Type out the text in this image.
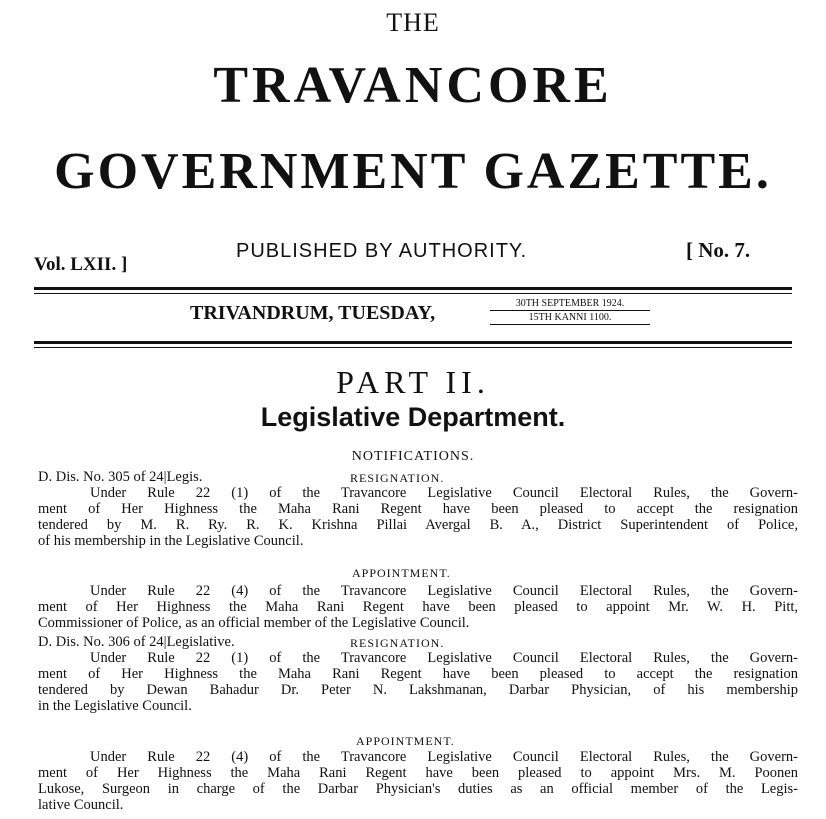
THE
TRAVANCORE
GOVERNMENT GAZETTE.
Vol. LXII. ]
PUBLISHED BY AUTHORITY.	[ No. 7.
TRIVANDRUM, TUESDAY,	30TH SEPTEMBER 1924.
15TH KANNI 1100.
PART II.
Legislative Department.
NOTIFICATIONS.
D. Dis. No. 305 of 24|Legis.	RESIGNATION.
Under Rule 22 (1) of the Travancore Legislative Council Electoral Rules, the Govern-
ment of Her Highness the Maha Rani Regent have been pleased to accept the resignation
tendered by M. R. Ry. R. K. Krishna Pillai Avergal B. A., District Superintendent of Police,
of his membership in the Legislative Council.
APPOINTMENT.
Under Rule 22 (4) of the Travancore Legislative Council Electoral Rules, the Govern-
ment of Her Highness the Maha Rani Regent have been pleased to appoint Mr. W. H. Pitt,
Commissioner of Police, as an official member of the Legislative Council.
D. Dis. No. 306 of 24|Legislative.	RESIGNATION.
Under Rule 22 (1) of the Travancore Legislative Council Electoral Rules, the Govern-
ment of Her Highness the Maha Rani Regent have been pleased to accept the resignation
tendered by Dewan Bahadur Dr. Peter N. Lakshmanan, Darbar Physician, of his membership
in the Legislative Council.
APPOINTMENT.
Under Rule 22 (4) of the Travancore Legislative Council Electoral Rules, the Govern-
ment of Her Highness the Maha Rani Regent have been pleased to appoint Mrs. M. Poonen
Lukose, Surgeon in charge of the Darbar Physician's duties as an official member of the Legis-
lative Council.
